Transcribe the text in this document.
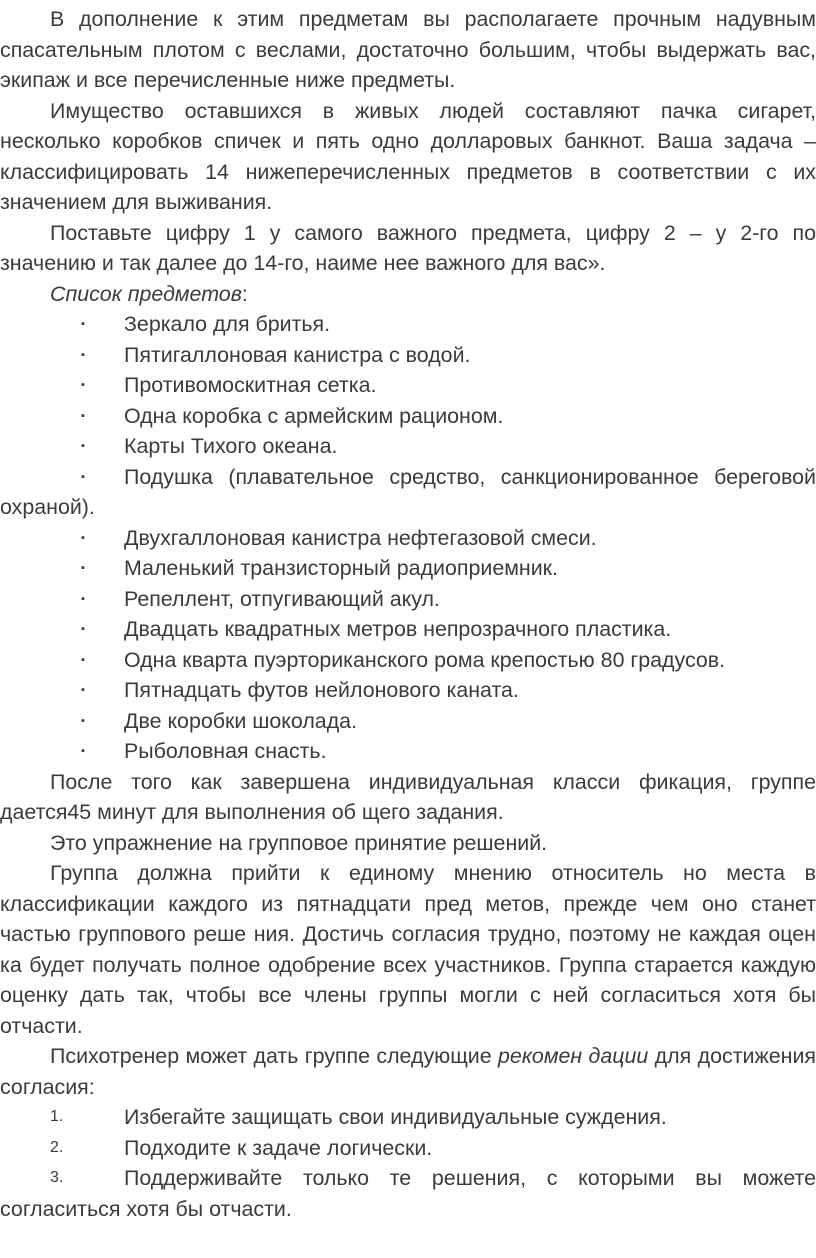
В дополнение к этим предметам вы располагаете прочным надувным спасательным плотом с веслами, достаточно большим, чтобы выдержать вас, экипаж и все перечисленные ниже предметы.

Имущество оставшихся в живых людей составляют пачка сигарет, несколько коробков спичек и пять одно долларовых банкнот. Ваша задача – классифицировать 14 нижеперечисленных предметов в соответствии с их значением для выживания.

Поставьте цифру 1 у самого важного предмета, цифру 2 – у 2-го по значению и так далее до 14-го, наиме нее важного для вас».

Список предметов:

▪ Зеркало для бритья.

▪ Пятигаллоновая канистра с водой.

▪ Противомоскитная сетка.

▪ Одна коробка с армейским рационом.

▪ Карты Тихого океана.

▪ Подушка (плавательное средство, санкционированное береговой охраной).

▪ Двухгаллоновая канистра нефтегазовой смеси.

▪ Маленький транзисторный радиоприемник.

▪ Репеллент, отпугивающий акул.

▪ Двадцать квадратных метров непрозрачного пластика.

▪ Одна кварта пуэрториканского рома крепостью 80 градусов.

▪ Пятнадцать футов нейлонового каната.

▪ Две коробки шоколада.

▪ Рыболовная снасть.

После того как завершена индивидуальная класси фикация, группе дается45 минут для выполнения об щего задания.

Это упражнение на групповое принятие решений.

Группа должна прийти к единому мнению относитель но места в классификации каждого из пятнадцати пред метов, прежде чем оно станет частью группового реше ния. Достичь согласия трудно, поэтому не каждая оцен ка будет получать полное одобрение всех участников. Группа старается каждую оценку дать так, чтобы все члены группы могли с ней согласиться хотя бы отчасти.

Психотренер может дать группе следующие рекомен дации для достижения согласия:

1.	Избегайте защищать свои индивидуальные суждения.

2.	Подходите к задаче логически.

3.	Поддерживайте только те решения, с которыми вы можете согласиться хотя бы отчасти.
